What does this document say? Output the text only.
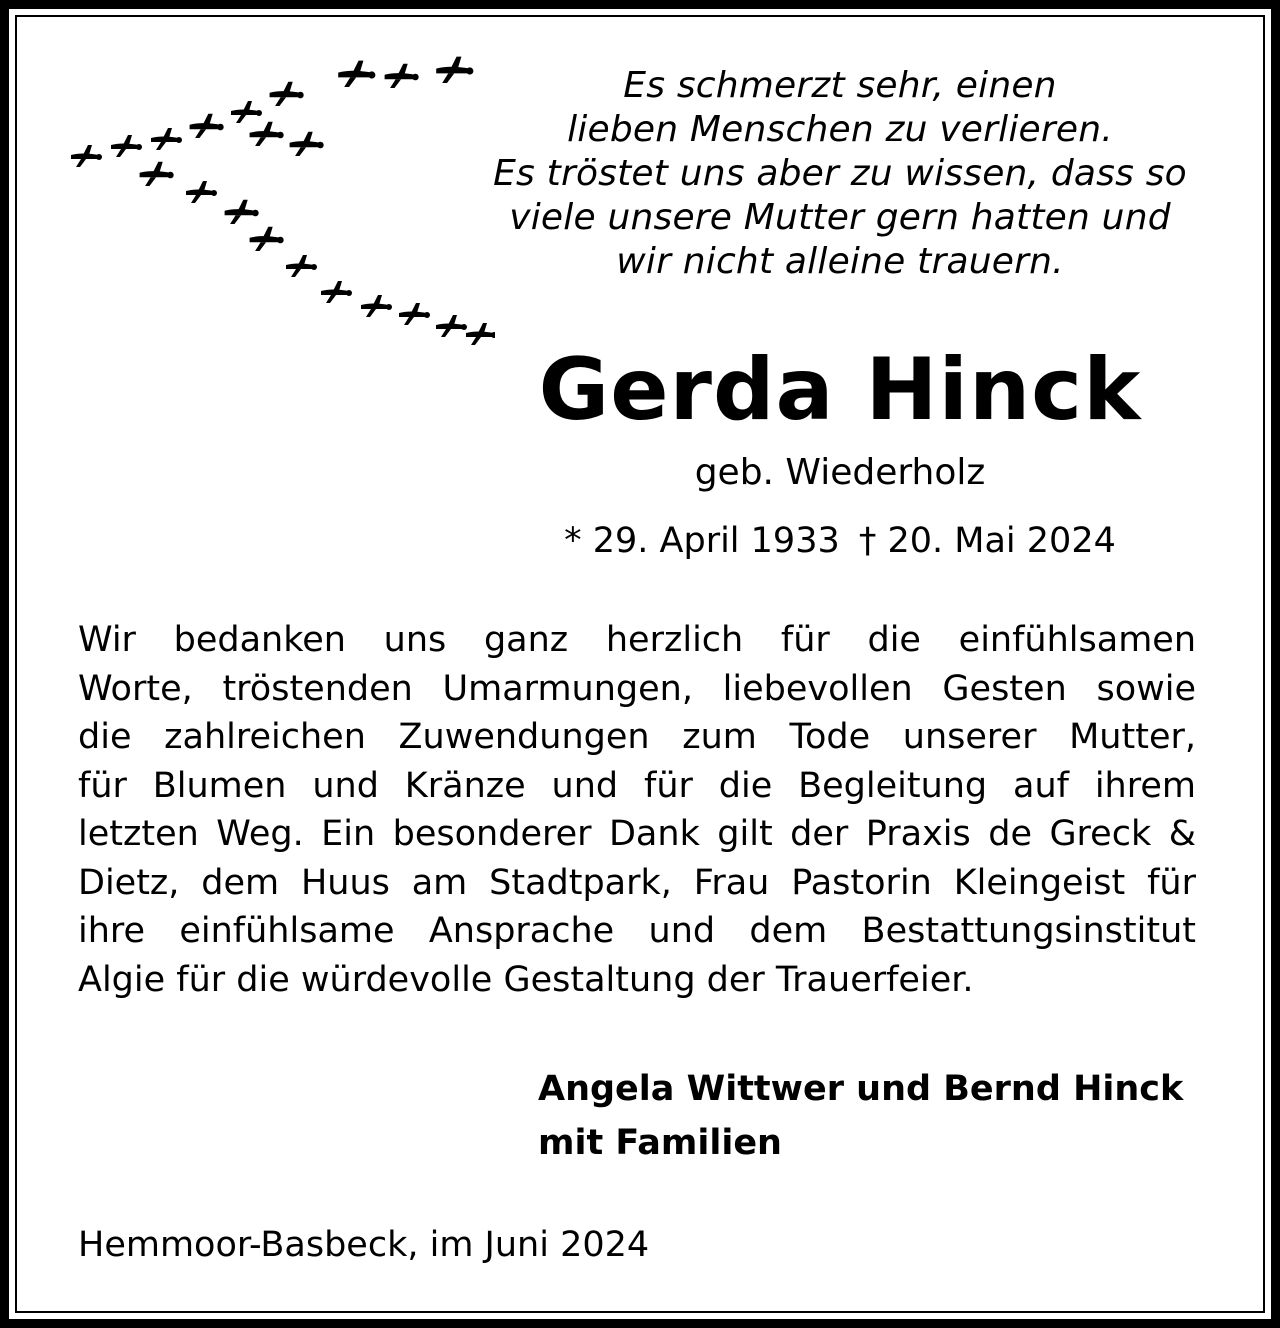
Es schmerzt sehr, einen
lieben Menschen zu verlieren.
Es tröstet uns aber zu wissen, dass so
viele unsere Mutter gern hatten und
wir nicht alleine trauern.
Gerda Hinck
geb. Wiederholz
* 29. April 1933 † 20. Mai 2024
Wir bedanken uns ganz herzlich für die einfühlsamen
Worte, tröstenden Umarmungen, liebevollen Gesten sowie
die zahlreichen Zuwendungen zum Tode unserer Mutter,
für Blumen und Kränze und für die Begleitung auf ihrem
letzten Weg. Ein besonderer Dank gilt der Praxis de Greck &
Dietz, dem Huus am Stadtpark, Frau Pastorin Kleingeist für
ihre einfühlsame Ansprache und dem Bestattungsinstitut
Algie für die würdevolle Gestaltung der Trauerfeier.
Angela Wittwer und Bernd Hinck
mit Familien
Hemmoor-Basbeck, im Juni 2024
